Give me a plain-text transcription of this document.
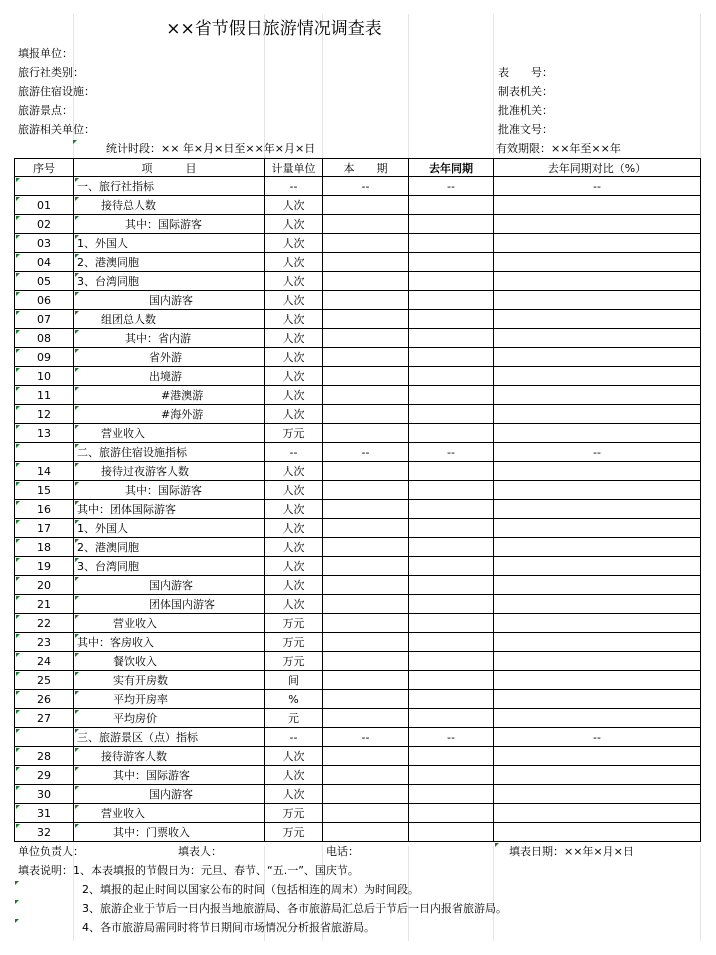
××省节假日旅游情况调查表
填报单位：
旅行社类别：	表　　号：
旅游住宿设施：	制表机关：
旅游景点：	批准机关：
旅游相关单位：	批准文号：
统计时段：×× 年×月×日至××年×月×日	有效期限：××年至××年
序号	项　　　目	计量单位	本　　期	去年同期	去年同期对比（%）
一、旅行社指标	--	--	--	--
01	接待总人数	人次
02	其中：国际游客	人次
03	1、外国人	人次
04	2、港澳同胞	人次
05	3、台湾同胞	人次
06	国内游客	人次
07	组团总人数	人次
08	其中：省内游	人次
09	省外游	人次
10	出境游	人次
11	#港澳游	人次
12	#海外游	人次
13	营业收入	万元
二、旅游住宿设施指标	--	--	--	--
14	接待过夜游客人数	人次
15	其中：国际游客	人次
16	其中：团体国际游客	人次
17	1、外国人	人次
18	2、港澳同胞	人次
19	3、台湾同胞	人次
20	国内游客	人次
21	团体国内游客	人次
22	营业收入	万元
23	其中：客房收入	万元
24	餐饮收入	万元
25	实有开房数	间
26	平均开房率	%
27	平均房价	元
三、旅游景区（点）指标	--	--	--	--
28	接待游客人数	人次
29	其中：国际游客	人次
30	国内游客	人次
31	营业收入	万元
32	其中：门票收入	万元
单位负责人：	填表人：	电话：	填表日期：××年×月×日
填表说明：1、本表填报的节假日为：元旦、春节、“五.一”、国庆节。
2、填报的起止时间以国家公布的时间（包括相连的周末）为时间段。
3、旅游企业于节后一日内报当地旅游局、各市旅游局汇总后于节后一日内报省旅游局。
4、各市旅游局需同时将节日期间市场情况分析报省旅游局。
